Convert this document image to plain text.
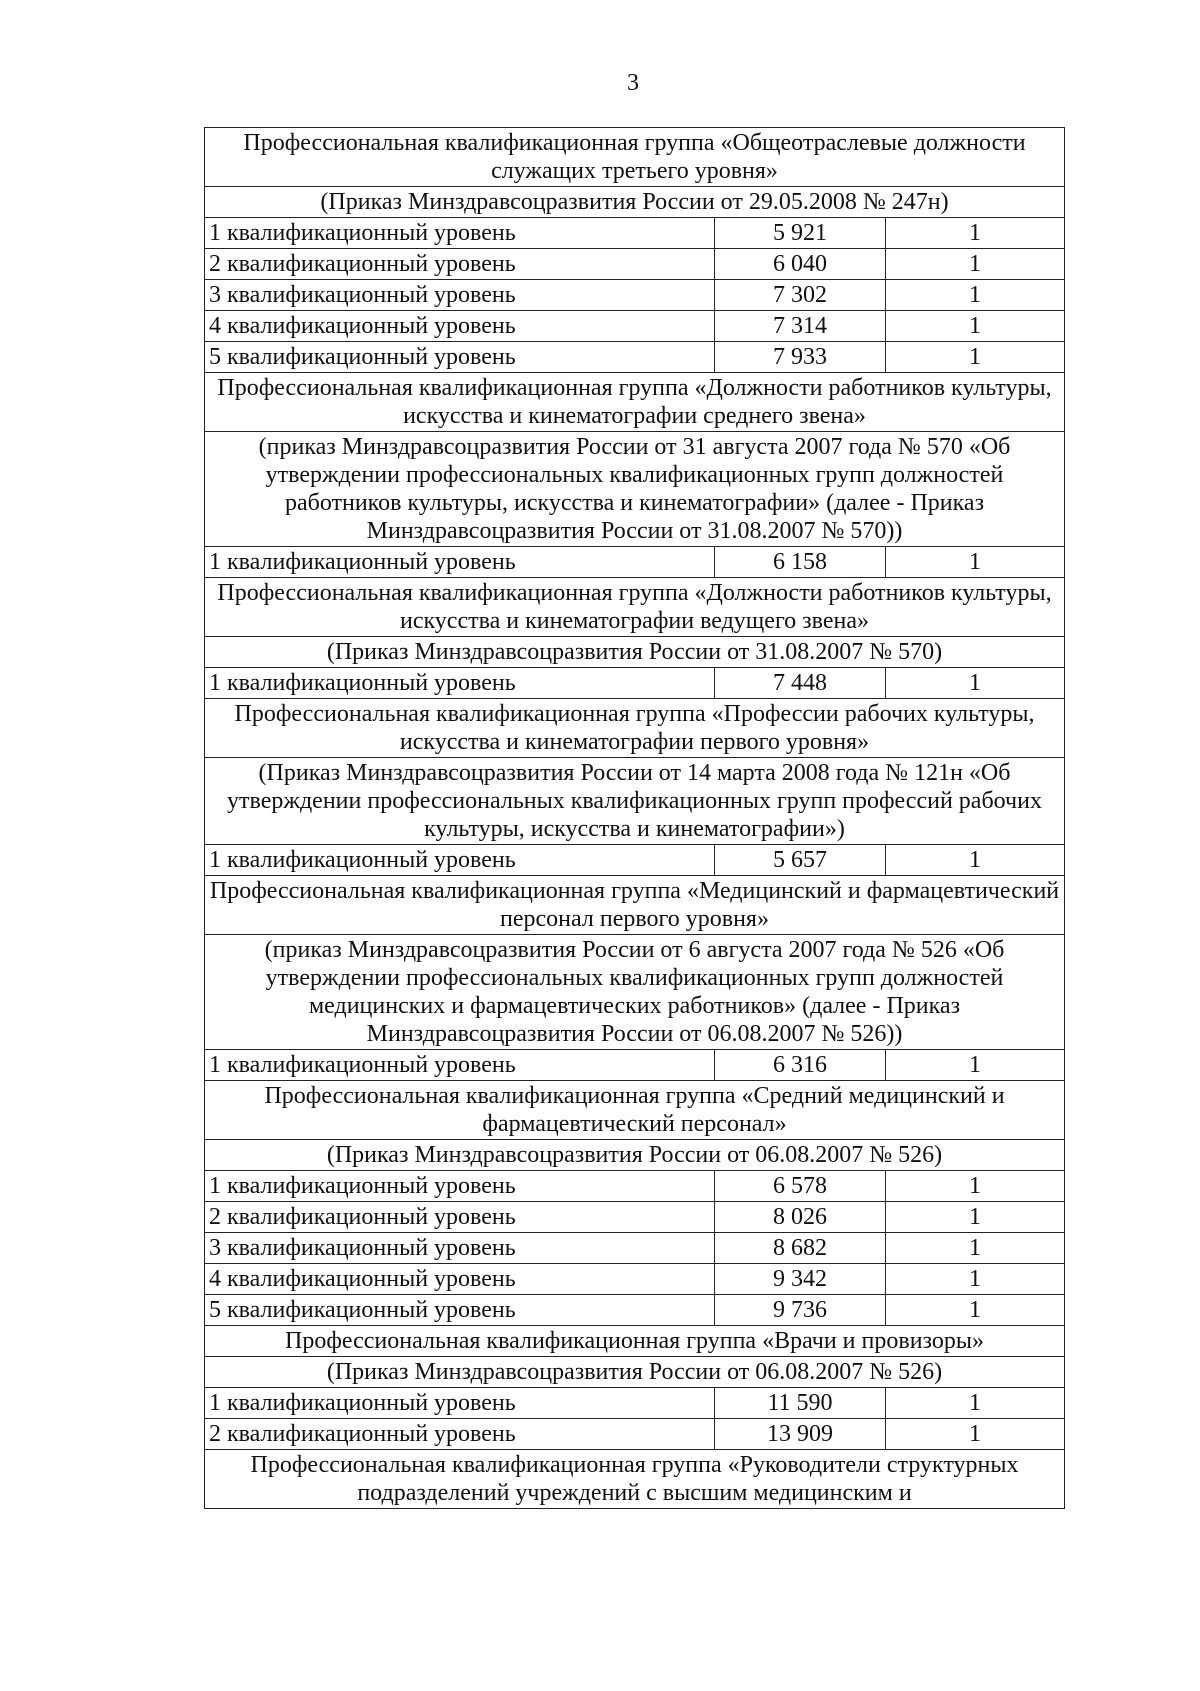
3
Профессиональная квалификационная группа «Общеотраслевые должности служащих третьего уровня»		
(Приказ Минздравсоцразвития России от 29.05.2008 № 247н)		
1 квалификационный уровень	5 921	1
2 квалификационный уровень	6 040	1
3 квалификационный уровень	7 302	1
4 квалификационный уровень	7 314	1
5 квалификационный уровень	7 933	1
Профессиональная квалификационная группа «Должности работников культуры, искусства и кинематографии среднего звена»		
(приказ Минздравсоцразвития России от 31 августа 2007 года № 570 «Об утверждении профессиональных квалификационных групп должностей работников культуры, искусства и кинематографии» (далее - Приказ Минздравсоцразвития России от 31.08.2007 № 570))		
1 квалификационный уровень	6 158	1
Профессиональная квалификационная группа «Должности работников культуры, искусства и кинематографии ведущего звена»		
(Приказ Минздравсоцразвития России от 31.08.2007 № 570)		
1 квалификационный уровень	7 448	1
Профессиональная квалификационная группа «Профессии рабочих культуры, искусства и кинематографии первого уровня»		
(Приказ Минздравсоцразвития России от 14 марта 2008 года № 121н «Об утверждении профессиональных квалификационных групп профессий рабочих культуры, искусства и кинематографии»)		
1 квалификационный уровень	5 657	1
Профессиональная квалификационная группа «Медицинский и фармацевтический персонал первого уровня»		
(приказ Минздравсоцразвития России от 6 августа 2007 года № 526 «Об утверждении профессиональных квалификационных групп должностей медицинских и фармацевтических работников» (далее - Приказ Минздравсоцразвития России от 06.08.2007 № 526))		
1 квалификационный уровень	6 316	1
Профессиональная квалификационная группа «Средний медицинский и фармацевтический персонал»		
(Приказ Минздравсоцразвития России от 06.08.2007 № 526)		
1 квалификационный уровень	6 578	1
2 квалификационный уровень	8 026	1
3 квалификационный уровень	8 682	1
4 квалификационный уровень	9 342	1
5 квалификационный уровень	9 736	1
Профессиональная квалификационная группа «Врачи и провизоры»		
(Приказ Минздравсоцразвития России от 06.08.2007 № 526)		
1 квалификационный уровень	11 590	1
2 квалификационный уровень	13 909	1
Профессиональная квалификационная группа «Руководители структурных подразделений учреждений с высшим медицинским и		
